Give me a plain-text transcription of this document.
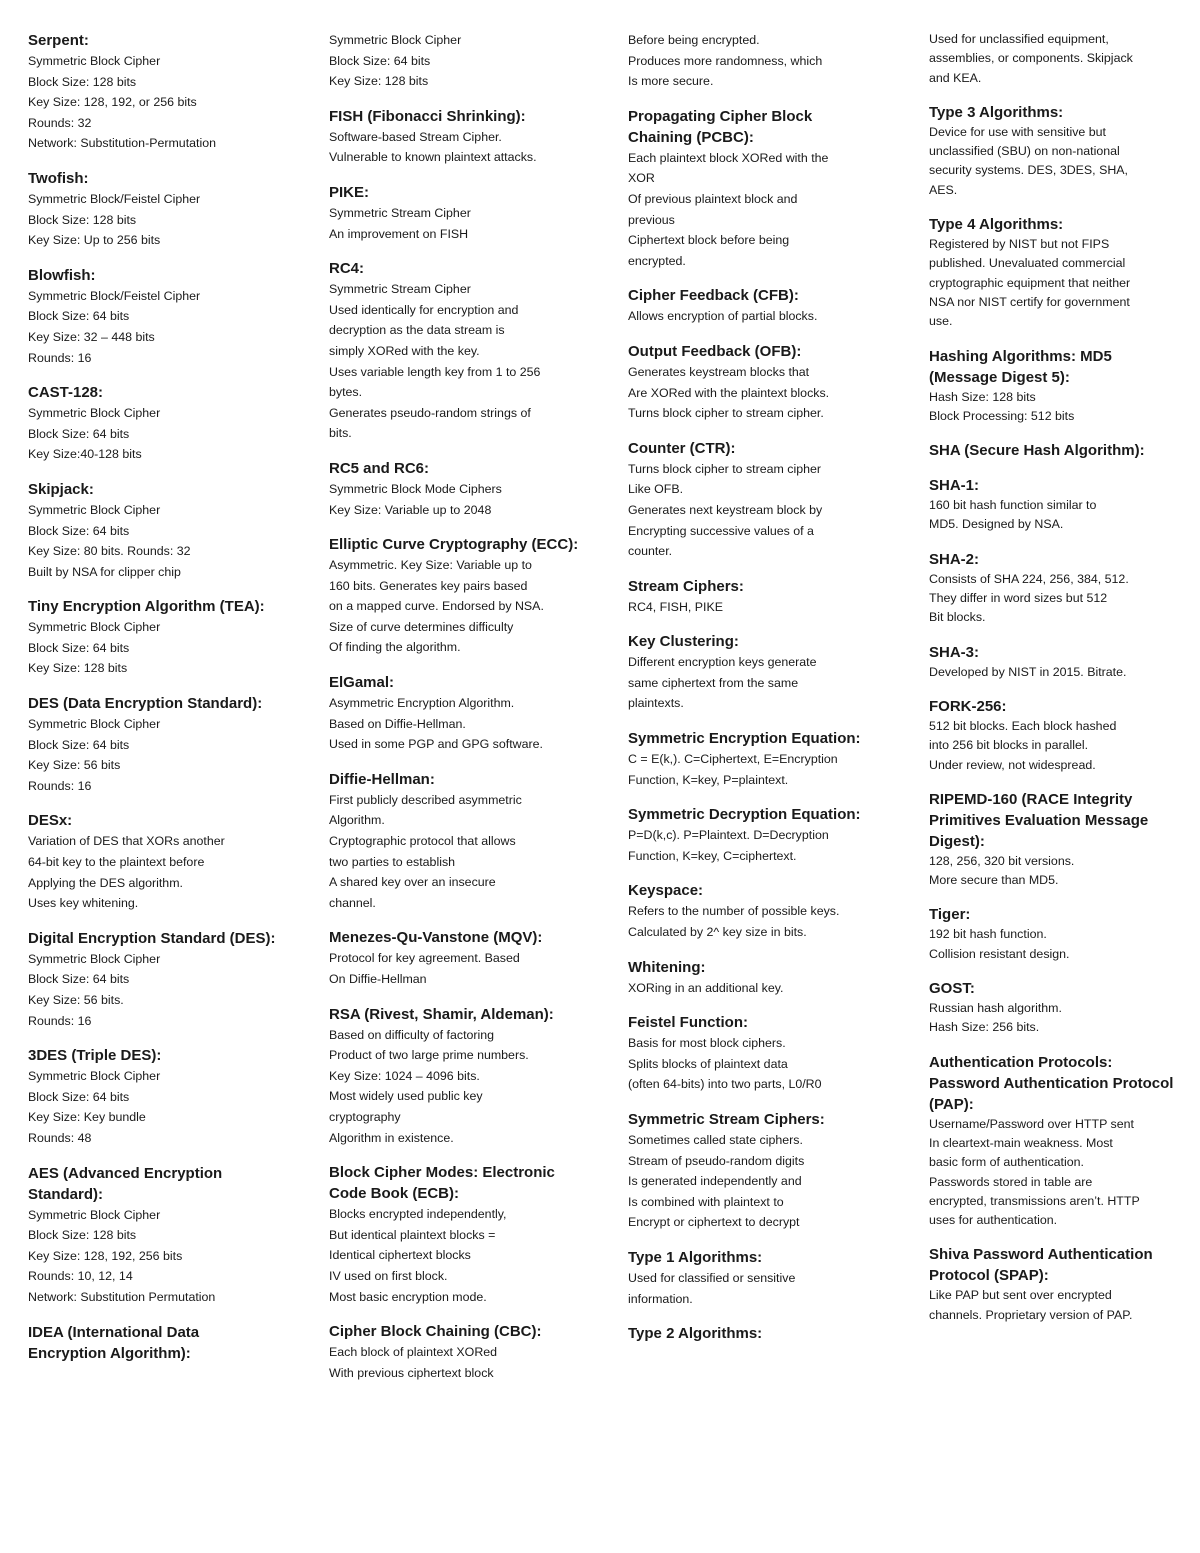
Serpent:
Symmetric Block Cipher
Block Size: 128 bits
Key Size: 128, 192, or 256 bits
Rounds: 32
Network: Substitution-Permutation
Twofish:
Symmetric Block/Feistel Cipher
Block Size: 128 bits
Key Size: Up to 256 bits
Blowfish:
Symmetric Block/Feistel Cipher
Block Size: 64 bits
Key Size: 32 – 448 bits
Rounds: 16
CAST-128:
Symmetric Block Cipher
Block Size: 64 bits
Key Size:40-128 bits
Skipjack:
Symmetric Block Cipher
Block Size: 64 bits
Key Size: 80 bits. Rounds: 32
Built by NSA for clipper chip
Tiny Encryption Algorithm (TEA):
Symmetric Block Cipher
Block Size: 64 bits
Key Size: 128 bits
DES (Data Encryption Standard):
Symmetric Block Cipher
Block Size: 64 bits
Key Size: 56 bits
Rounds: 16
DESx:
Variation of DES that XORs another
64-bit key to the plaintext before
Applying the DES algorithm.
Uses key whitening.
Digital Encryption Standard (DES):
Symmetric Block Cipher
Block Size: 64 bits
Key Size: 56 bits.
Rounds: 16
3DES (Triple DES):
Symmetric Block Cipher
Block Size: 64 bits
Key Size: Key bundle
Rounds: 48
AES (Advanced Encryption Standard):
Symmetric Block Cipher
Block Size: 128 bits
Key Size: 128, 192, 256 bits
Rounds: 10, 12, 14
Network: Substitution Permutation
IDEA (International Data Encryption Algorithm):
Symmetric Block Cipher
Block Size: 64 bits
Key Size: 128 bits
FISH (Fibonacci Shrinking):
Software-based Stream Cipher.
Vulnerable to known plaintext attacks.
PIKE:
Symmetric Stream Cipher
An improvement on FISH
RC4:
Symmetric Stream Cipher
Used identically for encryption and
decryption as the data stream is
simply XORed with the key.
Uses variable length key from 1 to 256
bytes.
Generates pseudo-random strings of
bits.
RC5 and RC6:
Symmetric Block Mode Ciphers
Key Size: Variable up to 2048
Elliptic Curve Cryptography (ECC):
Asymmetric. Key Size: Variable up to
160 bits. Generates key pairs based
on a mapped curve. Endorsed by NSA.
Size of curve determines difficulty
Of finding the algorithm.
ElGamal:
Asymmetric Encryption Algorithm.
Based on Diffie-Hellman.
Used in some PGP and GPG software.
Diffie-Hellman:
First publicly described asymmetric
Algorithm.
Cryptographic protocol that allows
two parties to establish
A shared key over an insecure
channel.
Menezes-Qu-Vanstone (MQV):
Protocol for key agreement. Based
On Diffie-Hellman
RSA (Rivest, Shamir, Aldeman):
Based on difficulty of factoring
Product of two large prime numbers.
Key Size: 1024 – 4096 bits.
Most widely used public key
cryptography
Algorithm in existence.
Block Cipher Modes: Electronic Code Book (ECB):
Blocks encrypted independently,
But identical plaintext blocks =
Identical ciphertext blocks
IV used on first block.
Most basic encryption mode.
Cipher Block Chaining (CBC):
Each block of plaintext XORed
With previous ciphertext block
Before being encrypted.
Produces more randomness, which
Is more secure.
Propagating Cipher Block Chaining (PCBC):
Each plaintext block XORed with the
XOR
Of previous plaintext block and
previous
Ciphertext block before being
encrypted.
Cipher Feedback (CFB):
Allows encryption of partial blocks.
Output Feedback (OFB):
Generates keystream blocks that
Are XORed with the plaintext blocks.
Turns block cipher to stream cipher.
Counter (CTR):
Turns block cipher to stream cipher
Like OFB.
Generates next keystream block by
Encrypting successive values of a
counter.
Stream Ciphers:
RC4, FISH, PIKE
Key Clustering:
Different encryption keys generate
same ciphertext from the same
plaintexts.
Symmetric Encryption Equation:
C = E(k,). C=Ciphertext, E=Encryption
Function, K=key, P=plaintext.
Symmetric Decryption Equation:
P=D(k,c). P=Plaintext. D=Decryption
Function, K=key, C=ciphertext.
Keyspace:
Refers to the number of possible keys.
Calculated by 2^ key size in bits.
Whitening:
XORing in an additional key.
Feistel Function:
Basis for most block ciphers.
Splits blocks of plaintext data
(often 64-bits) into two parts, L0/R0
Symmetric Stream Ciphers:
Sometimes called state ciphers.
Stream of pseudo-random digits
Is generated independently and
Is combined with plaintext to
Encrypt or ciphertext to decrypt
Type 1 Algorithms:
Used for classified or sensitive
information.
Type 2 Algorithms:
Used for unclassified equipment,
assemblies, or components. Skipjack
and KEA.
Type 3 Algorithms:
Device for use with sensitive but
unclassified (SBU) on non-national
security systems. DES, 3DES, SHA,
AES.
Type 4 Algorithms:
Registered by NIST but not FIPS
published. Unevaluated commercial
cryptographic equipment that neither
NSA nor NIST certify for government
use.
Hashing Algorithms: MD5 (Message Digest 5):
Hash Size: 128 bits
Block Processing: 512 bits
SHA (Secure Hash Algorithm):
SHA-1:
160 bit hash function similar to
MD5. Designed by NSA.
SHA-2:
Consists of SHA 224, 256, 384, 512.
They differ in word sizes but 512
Bit blocks.
SHA-3:
Developed by NIST in 2015. Bitrate.
FORK-256:
512 bit blocks. Each block hashed
into 256 bit blocks in parallel.
Under review, not widespread.
RIPEMD-160 (RACE Integrity Primitives Evaluation Message Digest):
128, 256, 320 bit versions.
More secure than MD5.
Tiger:
192 bit hash function.
Collision resistant design.
GOST:
Russian hash algorithm.
Hash Size: 256 bits.
Authentication Protocols: Password Authentication Protocol (PAP):
Username/Password over HTTP sent
In cleartext-main weakness. Most
basic form of authentication.
Passwords stored in table are
encrypted, transmissions aren’t. HTTP
uses for authentication.
Shiva Password Authentication Protocol (SPAP):
Like PAP but sent over encrypted
channels. Proprietary version of PAP.
